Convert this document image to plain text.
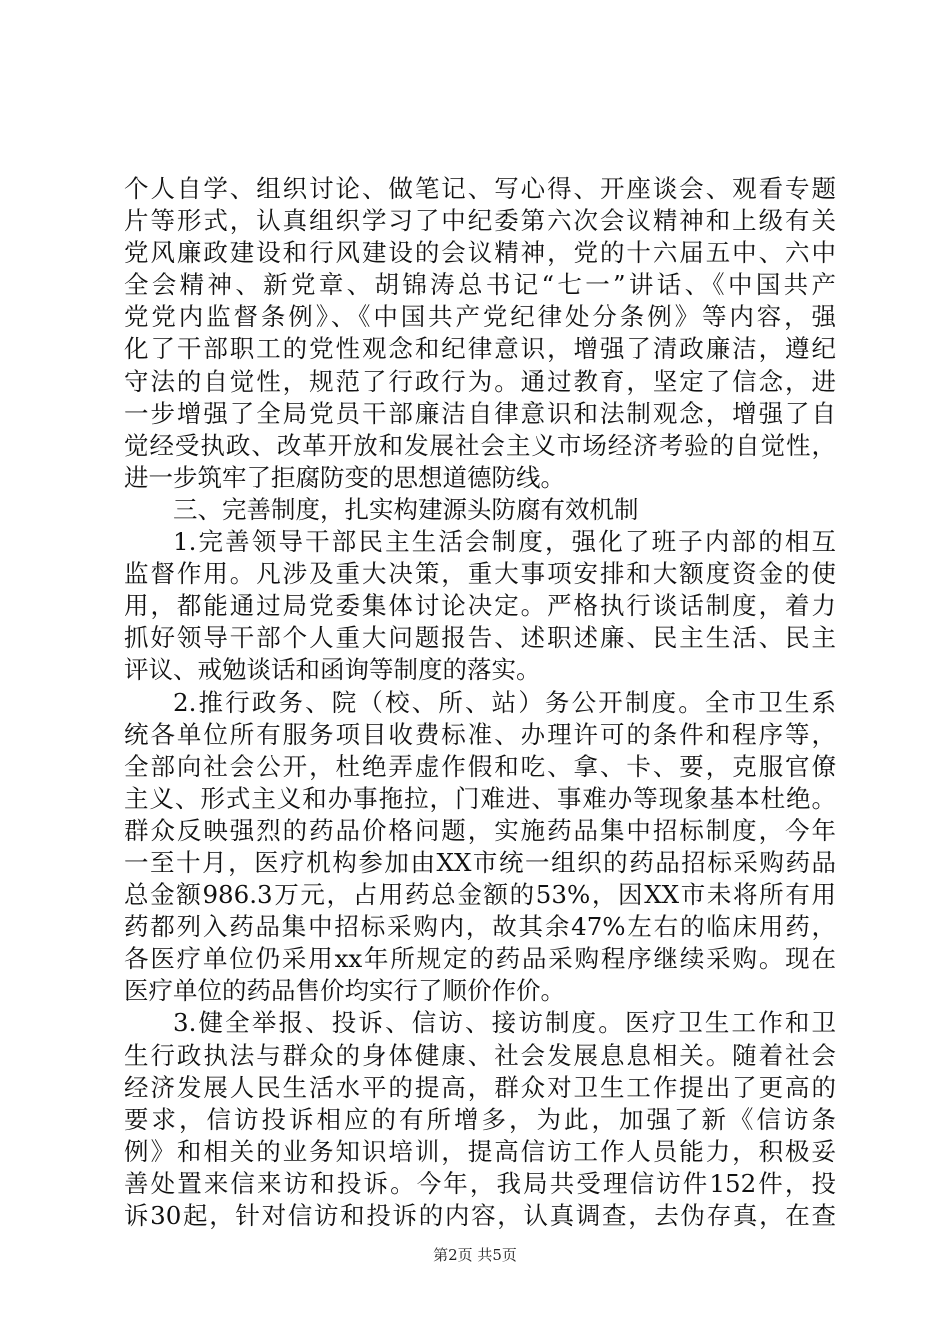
个人自学、组织讨论、做笔记、写心得、开座谈会、观看专题
片等形式，认真组织学习了中纪委第六次会议精神和上级有关
党风廉政建设和行风建设的会议精神，党的十六届五中、六中
全会精神、新党章、胡锦涛总书记“七一”讲话、《中国共产
党党内监督条例》、《中国共产党纪律处分条例》等内容，强
化了干部职工的党性观念和纪律意识，增强了清政廉洁，遵纪
守法的自觉性，规范了行政行为。通过教育，坚定了信念，进
一步增强了全局党员干部廉洁自律意识和法制观念，增强了自
觉经受执政、改革开放和发展社会主义市场经济考验的自觉性，
进一步筑牢了拒腐防变的思想道德防线。
三、完善制度，扎实构建源头防腐有效机制
1.完善领导干部民主生活会制度，强化了班子内部的相互
监督作用。凡涉及重大决策，重大事项安排和大额度资金的使
用，都能通过局党委集体讨论决定。严格执行谈话制度，着力
抓好领导干部个人重大问题报告、述职述廉、民主生活、民主
评议、戒勉谈话和函询等制度的落实。
2.推行政务、院（校、所、站）务公开制度。全市卫生系
统各单位所有服务项目收费标准、办理许可的条件和程序等，
全部向社会公开，杜绝弄虚作假和吃、拿、卡、要，克服官僚
主义、形式主义和办事拖拉，门难进、事难办等现象基本杜绝。
群众反映强烈的药品价格问题，实施药品集中招标制度，今年
一至十月，医疗机构参加由XX市统一组织的药品招标采购药品
总金额986.3万元，占用药总金额的53%，因XX市未将所有用
药都列入药品集中招标采购内，故其余47%左右的临床用药，
各医疗单位仍采用xx年所规定的药品采购程序继续采购。现在
医疗单位的药品售价均实行了顺价作价。
3.健全举报、投诉、信访、接访制度。医疗卫生工作和卫
生行政执法与群众的身体健康、社会发展息息相关。随着社会
经济发展人民生活水平的提高，群众对卫生工作提出了更高的
要求，信访投诉相应的有所增多，为此，加强了新《信访条
例》和相关的业务知识培训，提高信访工作人员能力，积极妥
善处置来信来访和投诉。今年，我局共受理信访件152件，投
诉30起，针对信访和投诉的内容，认真调查，去伪存真，在查
第2页 共5页
